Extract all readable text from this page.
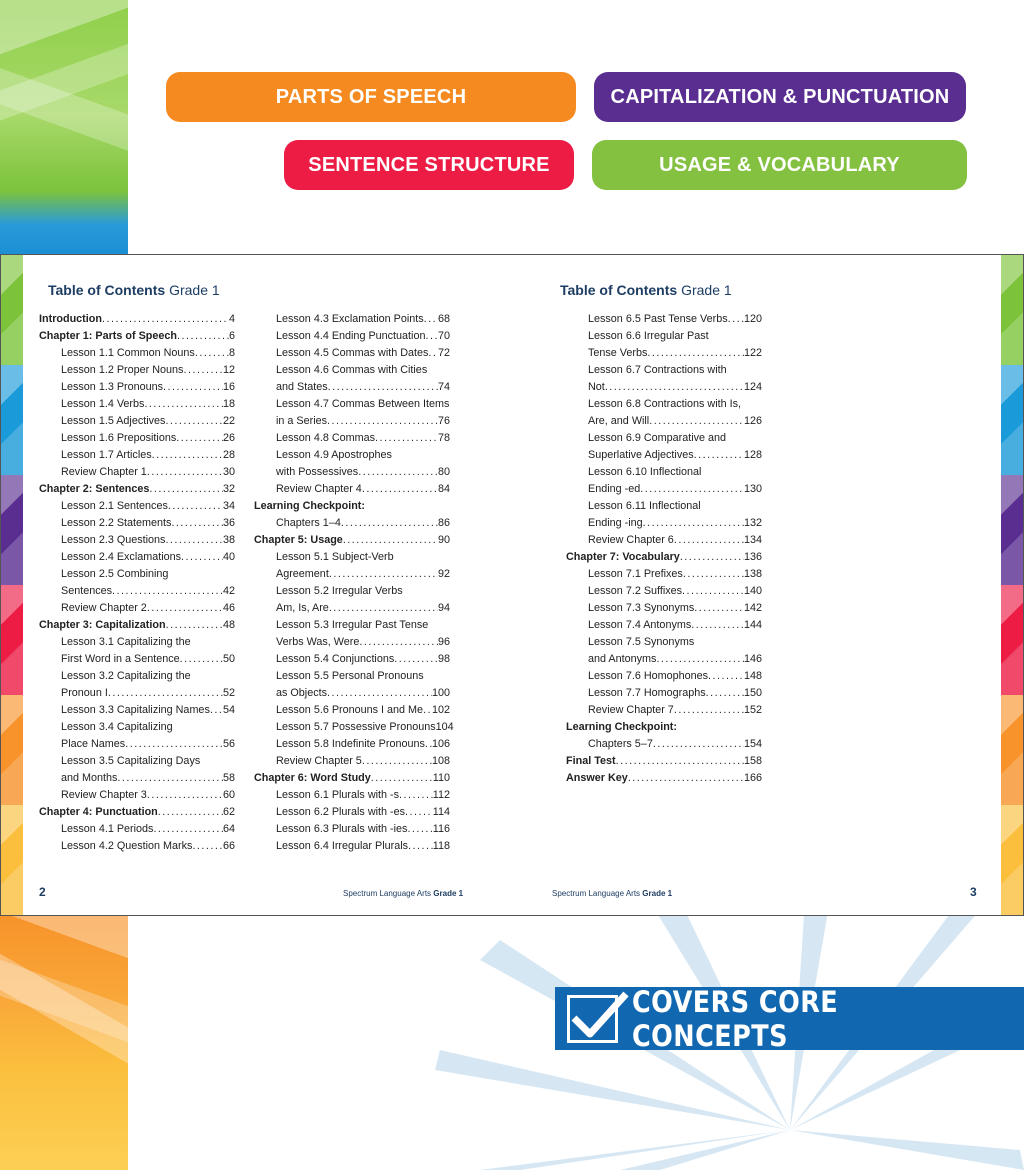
PARTS OF SPEECH	CAPITALIZATION & PUNCTUATION
SENTENCE STRUCTURE	USAGE & VOCABULARY
Table of Contents Grade 1
Introduction .....	4
Chapter 1: Parts of Speech .....	6
Lesson 1.1 Common Nouns .....	8
Lesson 1.2 Proper Nouns .....	12
Lesson 1.3 Pronouns .....	16
Lesson 1.4 Verbs .....	18
Lesson 1.5 Adjectives .....	22
Lesson 1.6 Prepositions .....	26
Lesson 1.7 Articles .....	28
Review Chapter 1 .....	30
Chapter 2: Sentences .....	32
Lesson 2.1 Sentences .....	34
Lesson 2.2 Statements .....	36
Lesson 2.3 Questions .....	38
Lesson 2.4 Exclamations .....	40
Lesson 2.5 Combining
Sentences .....	42
Review Chapter 2 .....	46
Chapter 3: Capitalization .....	48
Lesson 3.1 Capitalizing the
First Word in a Sentence .....	50
Lesson 3.2 Capitalizing the
Pronoun I .....	52
Lesson 3.3 Capitalizing Names ..... 54
Lesson 3.4 Capitalizing
Place Names .....	56
Lesson 3.5 Capitalizing Days
and Months .....	58
Review Chapter 3 .....	60
Chapter 4: Punctuation .....	62
Lesson 4.1 Periods .....	64
Lesson 4.2 Question Marks .....	66
Lesson 4.3 Exclamation Points ..... 68
Lesson 4.4 Ending Punctuation ..... 70
Lesson 4.5 Commas with Dates ..... 72
Lesson 4.6 Commas with Cities
and States .....	74
Lesson 4.7 Commas Between Items
in a Series .....	76
Lesson 4.8 Commas .....	78
Lesson 4.9 Apostrophes
with Possessives .....	80
Review Chapter 4 .....	84
Learning Checkpoint:
Chapters 1–4 .....	86
Chapter 5: Usage .....	90
Lesson 5.1 Subject-Verb
Agreement .....	92
Lesson 5.2 Irregular Verbs
Am, Is, Are .....	94
Lesson 5.3 Irregular Past Tense
Verbs Was, Were .....	96
Lesson 5.4 Conjunctions .....	98
Lesson 5.5 Personal Pronouns
as Objects .....	100
Lesson 5.6 Pronouns I and Me ..... 102
Lesson 5.7 Possessive Pronouns 104
Lesson 5.8 Indefinite Pronouns ..... 106
Review Chapter 5 .....	108
Chapter 6: Word Study .....	110
Lesson 6.1 Plurals with -s .....	112
Lesson 6.2 Plurals with -es .....	114
Lesson 6.3 Plurals with -ies ..... 116
Lesson 6.4 Irregular Plurals ..... 118
Table of Contents Grade 1
Lesson 6.5 Past Tense Verbs ..... 120
Lesson 6.6 Irregular Past
Tense Verbs .....	122
Lesson 6.7 Contractions with
Not .....	124
Lesson 6.8 Contractions with Is,
Are, and Will .....	126
Lesson 6.9 Comparative and
Superlative Adjectives .....	128
Lesson 6.10 Inflectional
Ending -ed .....	130
Lesson 6.11 Inflectional
Ending -ing .....	132
Review Chapter 6 .....	134
Chapter 7: Vocabulary .....	136
Lesson 7.1 Prefixes .....	138
Lesson 7.2 Suffixes .....	140
Lesson 7.3 Synonyms .....	142
Lesson 7.4 Antonyms .....	144
Lesson 7.5 Synonyms
and Antonyms .....	146
Lesson 7.6 Homophones .....	148
Lesson 7.7 Homographs .....	150
Review Chapter 7 .....	152
Learning Checkpoint:
Chapters 5–7 .....	154
Final Test .....	158
Answer Key .....	166
2	Spectrum Language Arts Grade 1	Spectrum Language Arts Grade 1	3
COVERS CORE CONCEPTS
